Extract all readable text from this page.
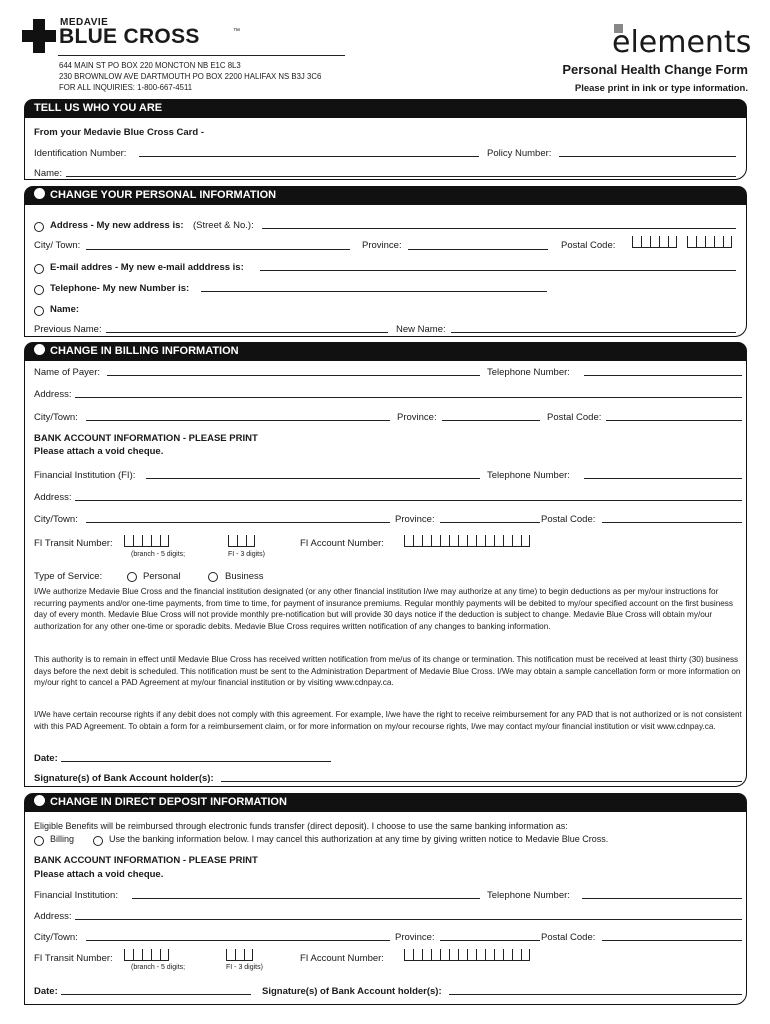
MEDAVIE
BLUE CROSS	™
644 MAIN ST PO BOX 220 MONCTON NB E1C 8L3
230 BROWNLOW AVE DARTMOUTH PO BOX 2200 HALIFAX NS B3J 3C6
FOR ALL INQUIRIES: 1-800-667-4511
elements
Personal Health Change Form
Please print in ink or type information.
TELL US WHO YOU ARE
From your Medavie Blue Cross Card -
Identification Number:	Policy Number:
Name:
CHANGE YOUR PERSONAL INFORMATION
Address - My new address is: (Street & No.):
City/ Town:	Province:	Postal Code:
E-mail addres - My new e-mail adddress is:
Telephone- My new Number is:
Name:
Previous Name:	New Name:
CHANGE IN BILLING INFORMATION
Name of Payer:	Telephone Number:
Address:
City/Town:	Province:	Postal Code:
BANK ACCOUNT INFORMATION - PLEASE PRINT
Please attach a void cheque.
Financial Institution (FI):	Telephone Number:
Address:
City/Town:	Province:	Postal Code:
FI Transit Number:
(branch - 5 digits;	FI - 3 digits)
FI Account Number:
Type of Service:	Personal	Business
I/We authorize Medavie Blue Cross and the financial institution designated (or any other financial institution I/we may authorize at any time) to begin deductions as per my/our instructions for recurring payments and/or one-time payments, from time to time, for payment of insurance premiums. Regular monthly payments will be debited to my/our specified account on the first business day of every month. Medavie Blue Cross will not provide monthly pre-notification but will provide 30 days notice if the deduction is subject to change. Medavie Blue Cross will obtain my/our authorization for any other one-time or sporadic debits. Medavie Blue Cross requires written notification of any changes to banking information.
This authority is to remain in effect until Medavie Blue Cross has received written notification from me/us of its change or termination. This notification must be received at least thirty (30) business days before the next debit is scheduled. This notification must be sent to the Administration Department of Medavie Blue Cross. I/We may obtain a sample cancellation form or more information on my/our right to cancel a PAD Agreement at my/our financial institution or by visiting www.cdnpay.ca.
I/We have certain recourse rights if any debit does not comply with this agreement. For example, I/we have the right to receive reimbursement for any PAD that is not authorized or is not consistent with this PAD Agreement. To obtain a form for a reimbursement claim, or for more information on my/our recourse rights, I/we may contact my/our financial institution or visit www.cdnpay.ca.
Date:
Signature(s) of Bank Account holder(s):
CHANGE IN DIRECT DEPOSIT INFORMATION
Eligible Benefits will be reimbursed through electronic funds transfer (direct deposit). I choose to use the same banking information as:
Billing	Use the banking information below. I may cancel this authorization at any time by giving written notice to Medavie Blue Cross.
BANK ACCOUNT INFORMATION - PLEASE PRINT
Please attach a void cheque.
Financial Institution:	Telephone Number:
Address:
City/Town:	Province:	Postal Code:
FI Transit Number:
(branch - 5 digits;	FI - 3 digits)
FI Account Number:
Date:	Signature(s) of Bank Account holder(s):
